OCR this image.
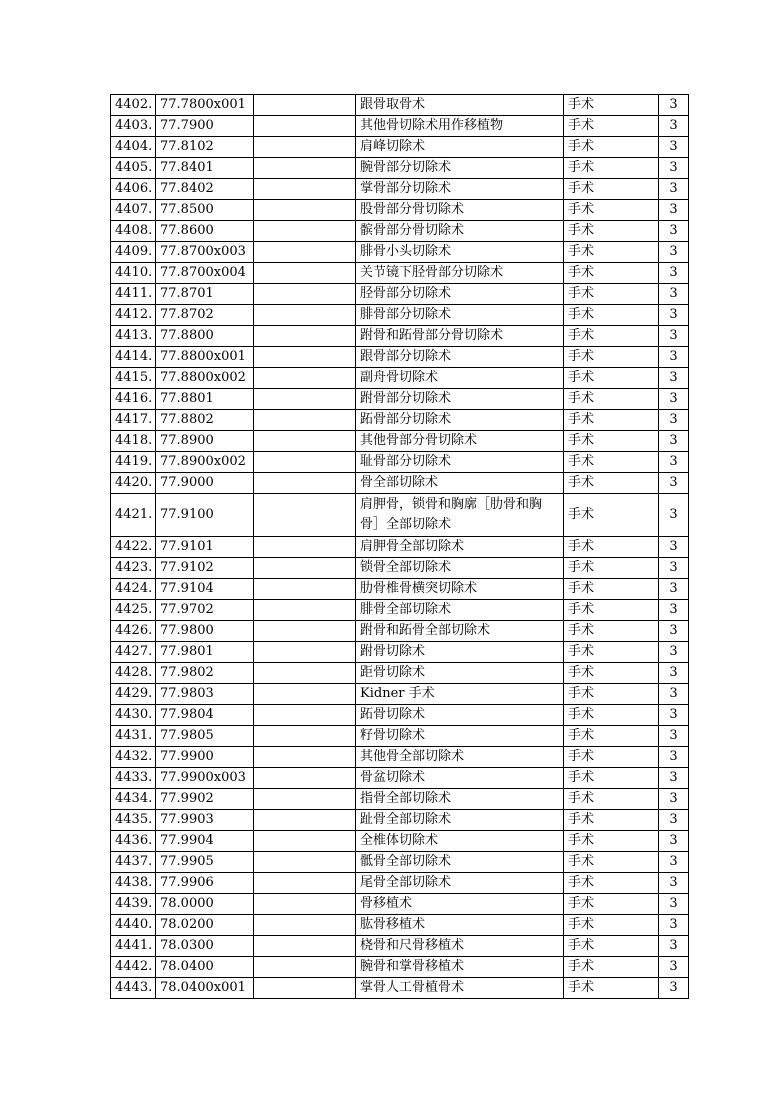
4402.	77.7800x001		跟骨取骨术	手术	3
4403.	77.7900		其他骨切除术用作移植物	手术	3
4404.	77.8102		肩峰切除术	手术	3
4405.	77.8401		腕骨部分切除术	手术	3
4406.	77.8402		掌骨部分切除术	手术	3
4407.	77.8500		股骨部分骨切除术	手术	3
4408.	77.8600		髌骨部分骨切除术	手术	3
4409.	77.8700x003		腓骨小头切除术	手术	3
4410.	77.8700x004		关节镜下胫骨部分切除术	手术	3
4411.	77.8701		胫骨部分切除术	手术	3
4412.	77.8702		腓骨部分切除术	手术	3
4413.	77.8800		跗骨和跖骨部分骨切除术	手术	3
4414.	77.8800x001		跟骨部分切除术	手术	3
4415.	77.8800x002		副舟骨切除术	手术	3
4416.	77.8801		跗骨部分切除术	手术	3
4417.	77.8802		跖骨部分切除术	手术	3
4418.	77.8900		其他骨部分骨切除术	手术	3
4419.	77.8900x002		耻骨部分切除术	手术	3
4420.	77.9000		骨全部切除术	手术	3
4421.	77.9100		肩胛骨，锁骨和胸廓［肋骨和胸骨］全部切除术	手术	3
4422.	77.9101		肩胛骨全部切除术	手术	3
4423.	77.9102		锁骨全部切除术	手术	3
4424.	77.9104		肋骨椎骨横突切除术	手术	3
4425.	77.9702		腓骨全部切除术	手术	3
4426.	77.9800		跗骨和跖骨全部切除术	手术	3
4427.	77.9801		跗骨切除术	手术	3
4428.	77.9802		距骨切除术	手术	3
4429.	77.9803		Kidner 手术	手术	3
4430.	77.9804		跖骨切除术	手术	3
4431.	77.9805		籽骨切除术	手术	3
4432.	77.9900		其他骨全部切除术	手术	3
4433.	77.9900x003		骨盆切除术	手术	3
4434.	77.9902		指骨全部切除术	手术	3
4435.	77.9903		趾骨全部切除术	手术	3
4436.	77.9904		全椎体切除术	手术	3
4437.	77.9905		骶骨全部切除术	手术	3
4438.	77.9906		尾骨全部切除术	手术	3
4439.	78.0000		骨移植术	手术	3
4440.	78.0200		肱骨移植术	手术	3
4441.	78.0300		桡骨和尺骨移植术	手术	3
4442.	78.0400		腕骨和掌骨移植术	手术	3
4443.	78.0400x001		掌骨人工骨植骨术	手术	3
